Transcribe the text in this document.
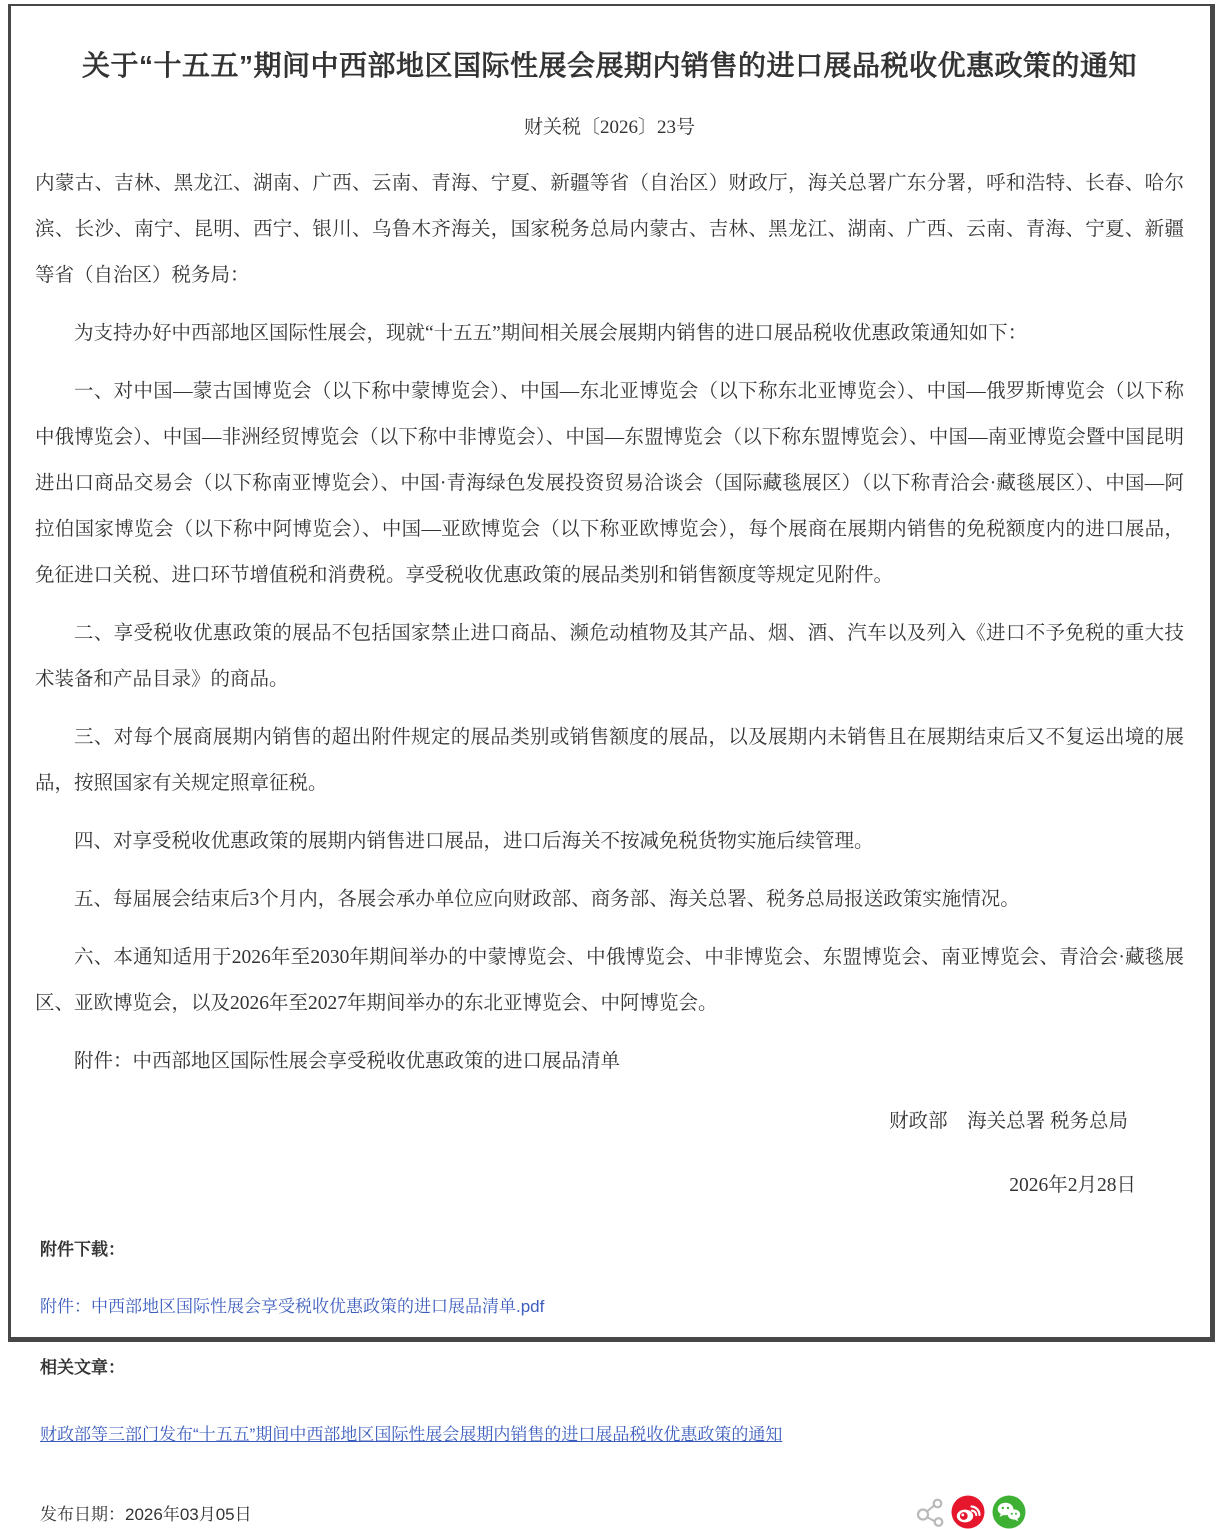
关于“十五五”期间中西部地区国际性展会展期内销售的进口展品税收优惠政策的通知
财关税〔2026〕23号

内蒙古、吉林、黑龙江、湖南、广西、云南、青海、宁夏、新疆等省（自治区）财政厅，海关总署广东分署，呼和浩特、长春、哈尔滨、长沙、南宁、昆明、西宁、银川、乌鲁木齐海关，国家税务总局内蒙古、吉林、黑龙江、湖南、广西、云南、青海、宁夏、新疆等省（自治区）税务局：

为支持办好中西部地区国际性展会，现就“十五五”期间相关展会展期内销售的进口展品税收优惠政策通知如下：

一、对中国—蒙古国博览会（以下称中蒙博览会）、中国—东北亚博览会（以下称东北亚博览会）、中国—俄罗斯博览会（以下称中俄博览会）、中国—非洲经贸博览会（以下称中非博览会）、中国—东盟博览会（以下称东盟博览会）、中国—南亚博览会暨中国昆明进出口商品交易会（以下称南亚博览会）、中国·青海绿色发展投资贸易洽谈会（国际藏毯展区）（以下称青洽会·藏毯展区）、中国—阿拉伯国家博览会（以下称中阿博览会）、中国—亚欧博览会（以下称亚欧博览会），每个展商在展期内销售的免税额度内的进口展品，免征进口关税、进口环节增值税和消费税。享受税收优惠政策的展品类别和销售额度等规定见附件。

二、享受税收优惠政策的展品不包括国家禁止进口商品、濒危动植物及其产品、烟、酒、汽车以及列入《进口不予免税的重大技术装备和产品目录》的商品。

三、对每个展商展期内销售的超出附件规定的展品类别或销售额度的展品，以及展期内未销售且在展期结束后又不复运出境的展品，按照国家有关规定照章征税。

四、对享受税收优惠政策的展期内销售进口展品，进口后海关不按减免税货物实施后续管理。

五、每届展会结束后3个月内，各展会承办单位应向财政部、商务部、海关总署、税务总局报送政策实施情况。

六、本通知适用于2026年至2030年期间举办的中蒙博览会、中俄博览会、中非博览会、东盟博览会、南亚博览会、青洽会·藏毯展区、亚欧博览会，以及2026年至2027年期间举办的东北亚博览会、中阿博览会。

附件：中西部地区国际性展会享受税收优惠政策的进口展品清单

财政部　海关总署 税务总局
2026年2月28日
附件下载：
附件：中西部地区国际性展会享受税收优惠政策的进口展品清单.pdf
相关文章：
财政部等三部门发布“十五五”期间中西部地区国际性展会展期内销售的进口展品税收优惠政策的通知
发布日期：2026年03月05日
